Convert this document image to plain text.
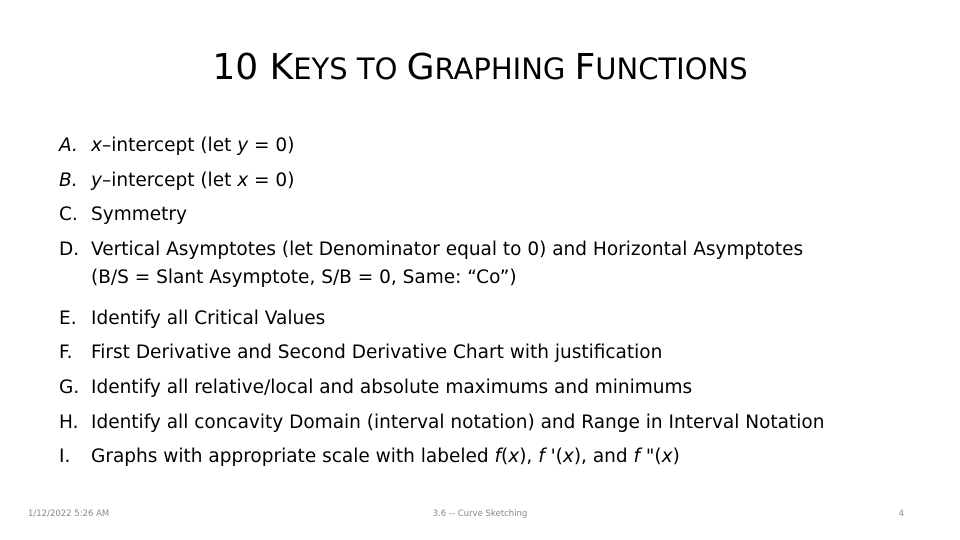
10 KEYS TO GRAPHING FUNCTIONS
A. x–intercept (let y = 0)
B. y–intercept (let x = 0)
C. Symmetry
D. Vertical Asymptotes (let Denominator equal to 0) and Horizontal Asymptotes
(B/S = Slant Asymptote, S/B = 0, Same: “Co”)
E. Identify all Critical Values
F. First Derivative and Second Derivative Chart with justification
G. Identify all relative/local and absolute maximums and minimums
H. Identify all concavity Domain (interval notation) and Range in Interval Notation
I.	Graphs with appropriate scale with labeled f(x), f '(x), and f "(x)
1/12/2022 5:26 AM	3.6 -- Curve Sketching	4
